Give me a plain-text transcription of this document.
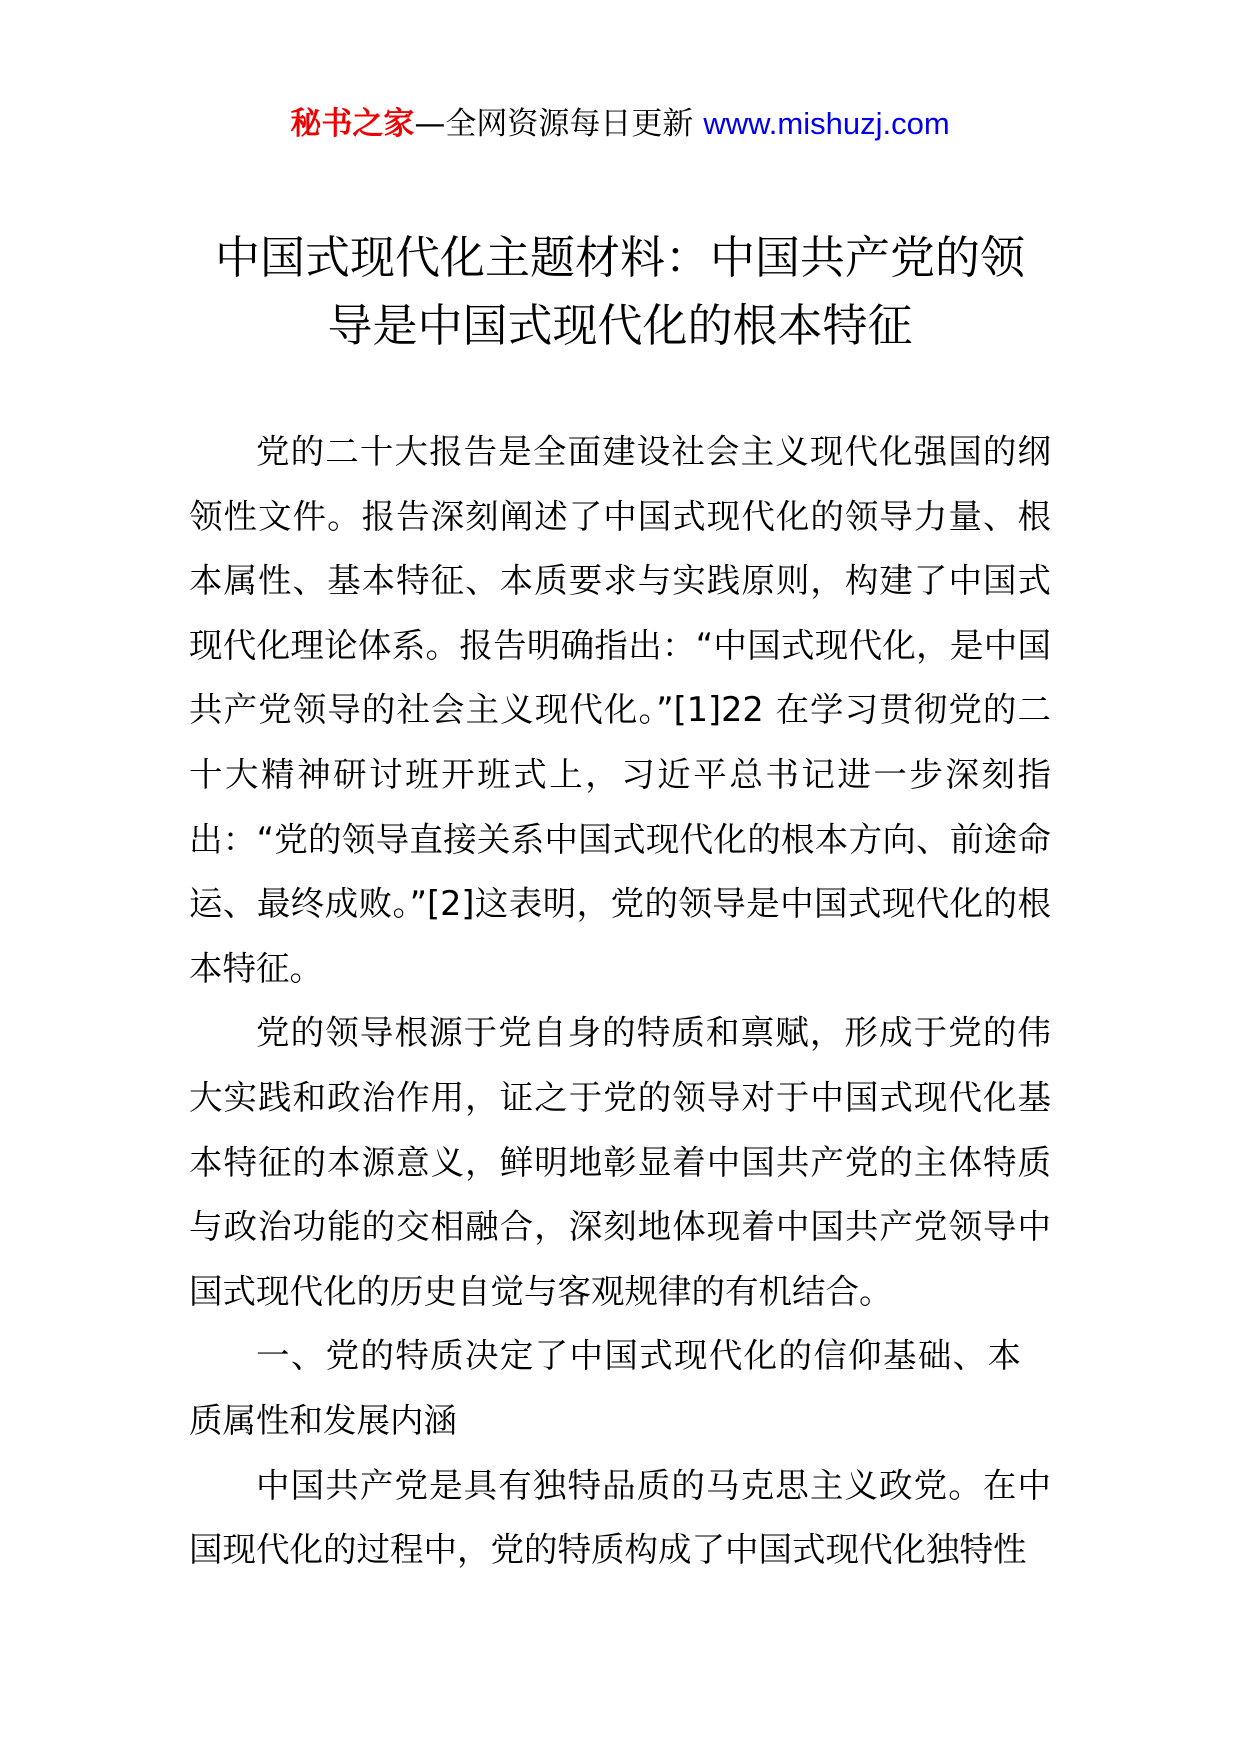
秘书之家—全网资源每日更新 www.mishuzj.com
中国式现代化主题材料：中国共产党的领
导是中国式现代化的根本特征

党的二十大报告是全面建设社会主义现代化强国的纲领性文件。报告深刻阐述了中国式现代化的领导力量、根本属性、基本特征、本质要求与实践原则，构建了中国式现代化理论体系。报告明确指出：“中国式现代化，是中国共产党领导的社会主义现代化。”[1]22 在学习贯彻党的二十大精神研讨班开班式上，习近平总书记进一步深刻指出：“党的领导直接关系中国式现代化的根本方向、前途命运、最终成败。”[2]这表明，党的领导是中国式现代化的根本特征。

党的领导根源于党自身的特质和禀赋，形成于党的伟大实践和政治作用，证之于党的领导对于中国式现代化基本特征的本源意义，鲜明地彰显着中国共产党的主体特质与政治功能的交相融合，深刻地体现着中国共产党领导中国式现代化的历史自觉与客观规律的有机结合。

一、党的特质决定了中国式现代化的信仰基础、本质属性和发展内涵

中国共产党是具有独特品质的马克思主义政党。在中国现代化的过程中，党的特质构成了中国式现代化独特性
